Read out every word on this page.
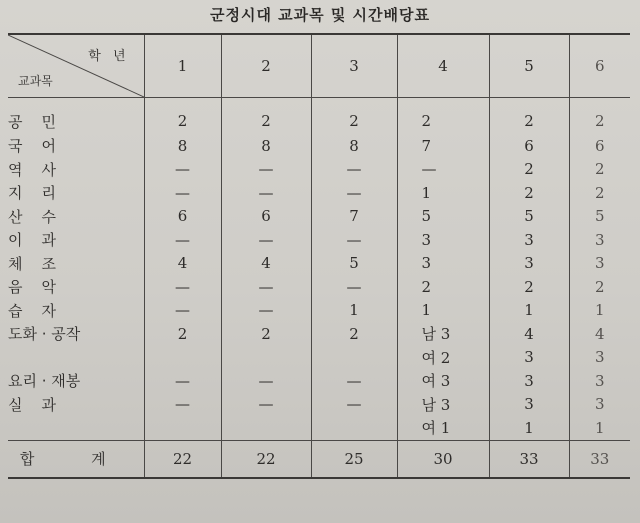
군정시대 교과목 및 시간배당표
학 년
교과목	1	2	3	4	5	6
공    민	2	2	2	2	2	2
국    어	8	8	8	7	6	6
역    사	—	—	—	—	2	2
지    리	—	—	—	1	2	2
산    수	6	6	7	5	5	5
이    과	—	—	—	3	3	3
체    조	4	4	5	3	3	3
음    악	—	—	—	2	2	2
습    자	—	—	1	1	1	1
도화 · 공작	2	2	2	남 3	4	4
				여 2	3	3
요리 · 재봉	—	—	—	여 3	3	3
실    과	—	—	—	남 3	3	3
				여 1	1	1
합 계	22	22	25	30	33	33
